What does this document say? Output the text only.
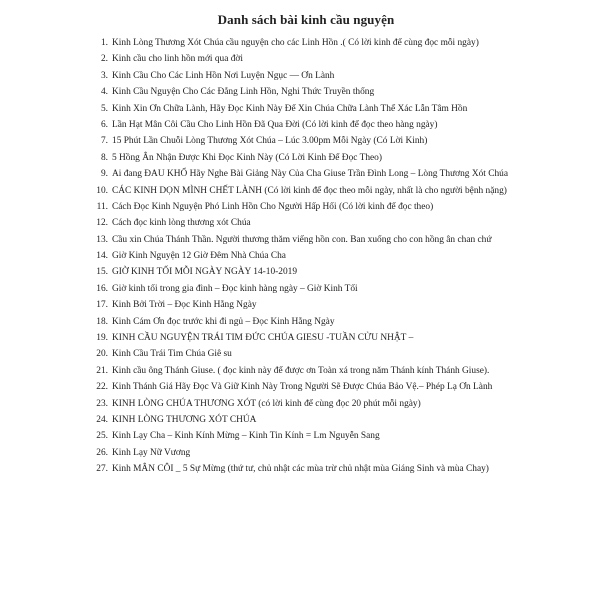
Danh sách bài kinh cầu nguyện
1. Kinh Lòng Thương Xót Chúa cầu nguyện cho các Linh Hồn .( Có lời kinh để cùng đọc mỗi ngày)
2. Kinh cầu cho linh hồn mới qua đời
3. Kinh Cầu Cho Các Linh Hồn Nơi Luyện Ngục — Ơn Lành
4. Kinh Cầu Nguyện Cho Các Đẳng Linh Hồn, Nghi Thức Truyền thống
5. Kinh Xin Ơn Chữa Lành, Hãy Đọc Kinh Này Để Xin Chúa Chữa Lành Thể Xác Lẫn Tâm Hồn
6. Lần Hạt Mân Côi Cầu Cho Linh Hồn Đã Qua Đời (Có lời kinh để đọc theo hàng ngày)
7. 15 Phút Lần Chuỗi Lòng Thương Xót Chúa – Lúc 3.00pm Mỗi Ngày (Có Lời Kinh)
8. 5 Hồng Ân Nhận Được Khi Đọc Kinh Này (Có Lời Kinh Để Đọc Theo)
9. Ai đang ĐAU KHỔ Hãy Nghe Bài Giảng Này Của Cha Giuse Trần Đình Long – Lòng Thương Xót Chúa
10. CÁC KINH DỌN MÌNH CHẾT LÀNH (Có lời kinh để đọc theo mỗi ngày, nhất là cho người bệnh nặng)
11. Cách Đọc Kinh Nguyện Phó Linh Hồn Cho Người Hấp Hối (Có lời kinh để đọc theo)
12. Cách đọc kinh lòng thương xót Chúa
13. Cầu xin Chúa Thánh Thần. Người thương thăm viếng hồn con. Ban xuống cho con hồng ân chan chứ
14. Giờ Kinh Nguyện 12 Giờ Đêm Nhà Chúa Cha
15. GIỜ KINH TỐI MỖI NGÀY NGÀY 14-10-2019
16. Giờ kinh tối trong gia đình – Đọc kinh hàng ngày – Giờ Kinh Tối
17. Kinh Bởi Trời – Đọc Kinh Hằng Ngày
18. Kinh Cám Ơn đọc trước khi đi ngủ – Đọc Kinh Hằng Ngày
19. KINH CẦU NGUYỆN TRÁI TIM ĐỨC CHÚA GIESU -TUẦN CỬU NHẬT –
20. Kinh Cầu Trái Tim Chúa Giê su
21. Kinh cầu ông Thánh Giuse. ( đọc kinh này để được ơn Toàn xá trong năm Thánh kính Thánh Giuse).
22. Kinh Thánh Giá Hãy Đọc Và Giữ Kinh Này Trong Người Sẽ Được Chúa Bảo Vệ.– Phép Lạ Ơn Lành
23. KINH LÒNG CHÚA THƯƠNG XÓT (có lời kinh để cùng đọc 20 phút mỗi ngày)
24. KINH LÒNG THƯƠNG XÓT CHÚA
25. Kinh Lạy Cha – Kinh Kính Mừng – Kinh Tin Kính = Lm Nguyễn Sang
26. Kinh Lạy Nữ Vương
27. Kinh MÂN CÔI _ 5 Sự Mừng (thứ tư, chủ nhật các mùa trừ chủ nhật mùa Giáng Sinh và mùa Chay)
